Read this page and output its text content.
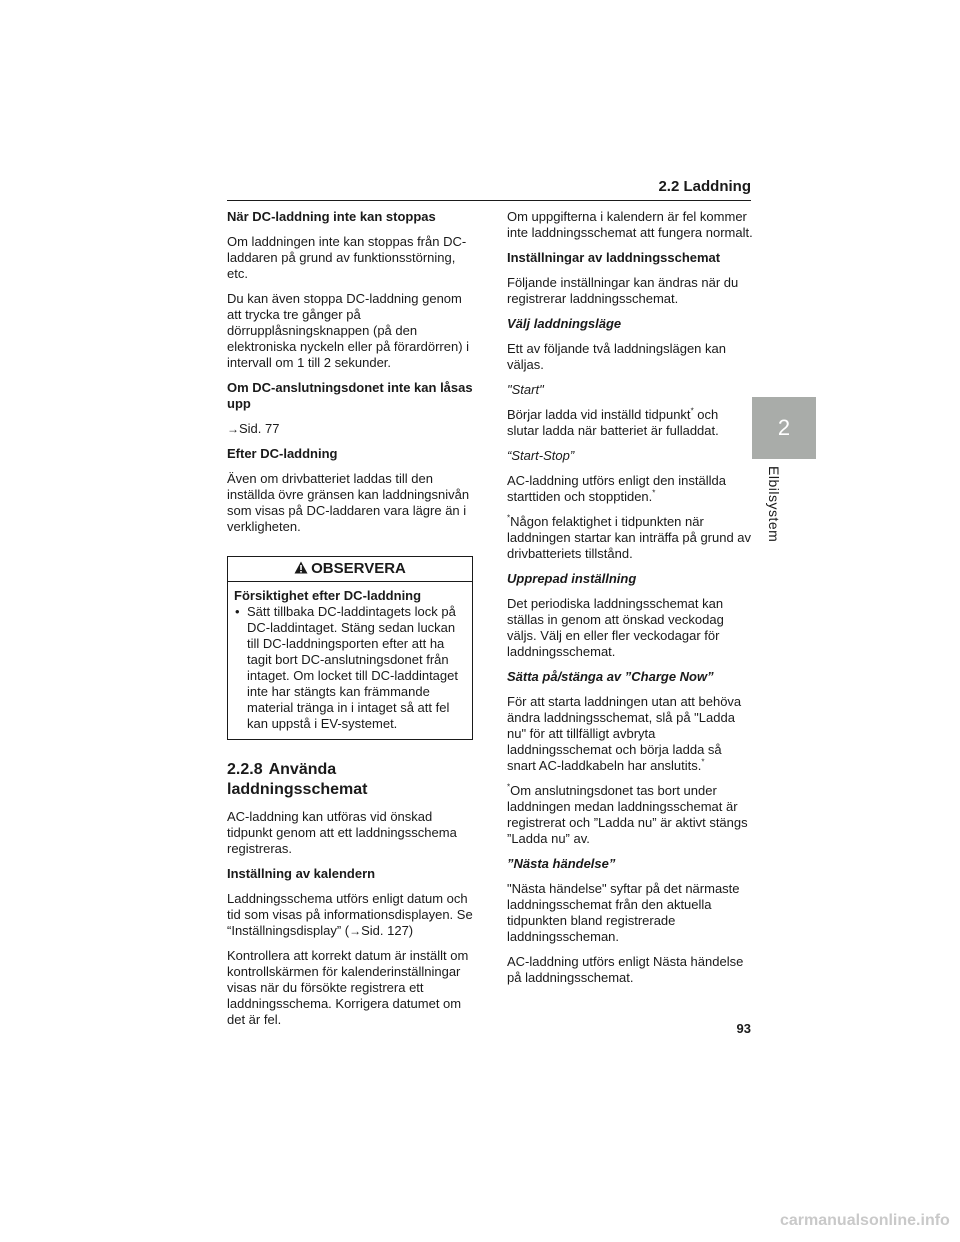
2.2 Laddning
2
Elbilsystem

När DC-laddning inte kan stoppas

Om laddningen inte kan stoppas från DC-laddaren på grund av funktionsstörning, etc.

Du kan även stoppa DC-laddning genom att trycka tre gånger på dörrupplåsningsknappen (på den elektroniska nyckeln eller på förardörren) i intervall om 1 till 2 sekunder.

Om DC-anslutningsdonet inte kan låsas upp

→Sid. 77

Efter DC-laddning

Även om drivbatteriet laddas till den inställda övre gränsen kan laddningsnivån som visas på DC-laddaren vara lägre än i verkligheten.

OBSERVERA

Försiktighet efter DC-laddning

• Sätt tillbaka DC-laddintagets lock på DC-laddintaget. Stäng sedan luckan till DC-laddningsporten efter att ha tagit bort DC-anslutningsdonet från intaget. Om locket till DC-laddintaget inte har stängts kan främmande material tränga in i intaget så att fel kan uppstå i EV-systemet.

2.2.8 Använda laddningsschemat

AC-laddning kan utföras vid önskad tidpunkt genom att ett laddningsschema registreras.

Inställning av kalendern

Laddningsschema utförs enligt datum och tid som visas på informationsdisplayen. Se “Inställningsdisplay” (→Sid. 127)

Kontrollera att korrekt datum är inställt om kontrollskärmen för kalenderinställningar visas när du försökte registrera ett laddningsschema. Korrigera datumet om det är fel.

Om uppgifterna i kalendern är fel kommer inte laddningsschemat att fungera normalt.

Inställningar av laddningsschemat

Följande inställningar kan ändras när du registrerar laddningsschemat.

Välj laddningsläge

Ett av följande två laddningslägen kan väljas.

"Start"

Börjar ladda vid inställd tidpunkt* och slutar ladda när batteriet är fulladdat.

“Start-Stop”

AC-laddning utförs enligt den inställda starttiden och stopptiden.*

*Någon felaktighet i tidpunkten när laddningen startar kan inträffa på grund av drivbatteriets tillstånd.

Upprepad inställning

Det periodiska laddningsschemat kan ställas in genom att önskad veckodag väljs. Välj en eller fler veckodagar för laddningsschemat.

Sätta på/stänga av ”Charge Now”

För att starta laddningen utan att behöva ändra laddningsschemat, slå på "Ladda nu" för att tillfälligt avbryta laddningsschemat och börja ladda så snart AC-laddkabeln har anslutits.*

*Om anslutningsdonet tas bort under laddningen medan laddningsschemat är registrerat och ”Ladda nu” är aktivt stängs ”Ladda nu” av.

”Nästa händelse”

"Nästa händelse" syftar på det närmaste laddningsschemat från den aktuella tidpunkten bland registrerade laddningsscheman.

AC-laddning utförs enligt Nästa händelse på laddningsschemat.

93
carmanualsonline.info
